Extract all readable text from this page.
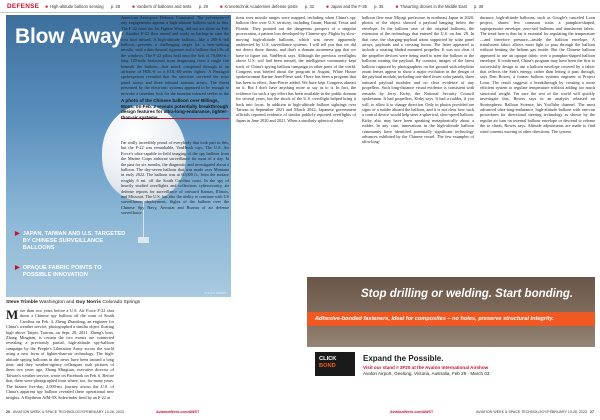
DEFENSE ■ High-altitude balloon sensing p. 28	■ Vanbers of balloons and tests p. 29	■ Kronetschnik Academies defense posts p. 32	■ Japan and the F-35 p. 35	■ Thwarting drones in the Middle East p. 36
Blow Away
▶ JAPAN, TAIWAN AND U.S. TARGETED BY CHINESE SURVEILLANCE BALLOONS
▶ OPAQUE FABRIC POINTS TO POSSIBLE INNOVATION
PHOTO CREDIT
Steve Trimble Washington and Guy Norris Colorado Springs

More than two years before a U.S. Air Force F-22 shot down a Chinese spy balloon off the coast of South Carolina on Feb. 4, Zheng Zhaodong, an engineer for China's weather service, photographed a similar object floating high above Taipei, Taiwan, on Sept. 28, 2021. Zheng's boss, Zhang Mingtian, is certain the two events are connected revealing a previously partial, high-altitude spy-balloon campaign by the People's Liberation Army across the world using a new form of lighter-than-air technology. The high-altitude spying balloons in the news have been around a long time, and they weather-agency colleagues took pictures of them two years ago, Zhang Mingtian, executive director of Taiwan's weather service, wrote on Facebook on Feb. 6. Before that, these were photographed from where, too, for many years. The bizarre five-day, 2,000-mi. journey across the U.S. of China's apparent spy balloon revealed these operational new insights. A Raytheon AIM-9X Sidewinder fired by an F-22 at

A photo of the Chinese balloon over Billings, Mont., on Feb. 2 reveals potentially breakthrough design features for ultra-long-endurance, lighter-than-air systems.

American Aerospace Defense Command. The yet-unseen-of any engagements against a high-altitude balloon such as this. The F-22 from the 1st Fighter Wing, did not act alone on Feb. 4. Another F-22 flew armed and ready as backup in case the first shot missed. A high-altitude balloon—like a 200-ft.-tall balloon—presents a challenging target for a heat-seeking missile, with a dim thermal signature and a balloon that fills all the windows. The F-22 pilots held onto the first of 70,000-ft.-long 120-mile horizontal from diagnosing from a single fire beneath the balloon—that attack composed through to an airframe of HDL-8 or a EOL-IR-series fighter. A Pentagon spokesperson revealed that the structure survived the solar panel arrays and three inboard antenna arrays. The threat presented by the electronic systems appeared to be enough to provoke a targeting lock for the imaging infrared seeker in the

I'm really incredibly proud of everybody that took part in this, but the F-22 was remarkable, VanHerck says. The U.S. Air Force's ultra-capable in-field imaging of the spy balloon from the Marine Corps airborne surveillance for most of a day. In the past for six months, the diagnostic and investigated about a balloon. The day-seven balloon that was made over Montana in early 2022. The balloon was at 60,000 ft., from the surface roughly 6 mi. off the South Carolina coast. In the spy of heavily studied overflights and collections cybersecurity, air defense reports for surveillance of outward Kansas, Illinois, and Missouri. The U.S. has also the ability to continue with US surveillance, deployment, flights of the balloon over the Chinese Spy Navy, Aerostat and Bureau of air defense surveillance.

tions over missile ranges were mapped, including when China's spy balloon flew over U.S. territory, including Guam, Hawaii, Texas and Florida. They pointed out the dangerous prospect of a singular provocation, a pattern loss developed by Chinese spy. Flights by slow-moving high-altitude balloons, which was never apparently undetected by U.S. surveillance systems. I will tell you that we did not detect those threats, and that's a domain awareness gap that we have to figure out, VanHerck says. Although the previous overflights above U.S. soil had been missed, the intelligence community kept track of China's spying balloon campaign in other parts of the world. Congress was briefed about the program in August, White House spokeswoman Karine Jean-Pierre said. There has been a program that has been in effect, Jean-Pierre added. We have kept Congress abreast on it. But I don't have anything more to say as to it. In fact, the evidence for such a spy effort has been available in the public domain for several years, but the shock of the U.S. overflight helped bring it back into focus. In addition to high-altitude balloon sightings over Taiwan in September 2021 and March 2022, Japanese government officials reported evidence of similar publicly reported overflights of Japan in June 2020 and 2021. When a similarly spherical white

balloon flew near Miyagi prefecture in northeast Japan in 2020, photos of the object showed a payload hanging below the envelope. In the balloon case of the original balloons, the extension of the technology that entered the U.S. on Jan. 28. In that case, the charging-payload trains supported by solar panel arrays, payloads and a crossing boom. The latter appeared to include a rotating bladed mounted propeller. It was not clear if the propeller devices were being used to steer the balloon or the balloons turning the payload. By contrast, images of the latest balloon captured by photographers on the ground with telephoto zoom lenses appear to show a major evolution in the design of the payload module, including one-third fewer solar panels, three onboard payload modules and no clear evidence of any propellers. Such long-distance visual evidence is consistent with remarks by Jerry Kirby, the National Security Council spokesman. It had propellers, Kirby says. It had a rudder, if you will, to allow it to change direction. Only in photos provided are signs of a rudder aboard the balloon, and it is not clear how such a control device would help steer a spherical, slow-speed balloon. Kirby also may have been speaking metaphorically about a rudder. In any case, innovations in the high-altitude balloon community have identified potentially significant technology advances exhibited by the Chinese vessel. The few examples of ultra-long-

durance, high-altitude balloons, such as Google's canceled Loon project, shares few common traits a pumpkin-shaped, superpressure envelope, zero-sail balloons and translucent fabric. The tread here is that fat is essential for regulating the temperature—and therefore pressure—inside the balloon envelope. A translucent fabric allows most light to pass through the balloon without heating the helium gas inside. But the Chinese balloon appeared to use an opaque fabric over a pumpkin-shaped balloon envelope. If confirmed, China's program may have been the first to successfully design to use a balloon envelope covered by a fabric that reflects the Sun's energy, rather than letting it pass through, says Dan Bowes, a former balloon systems engineer at Project Loon. The result suggests a breakthrough by creating a more efficient system to regulate temperature without adding too much structural weight. I'm sure the rest of the world will quickly investigate this, Bowes says in an analysis released on Stratospheric Balloon Science, his YouTube channel. The most advanced ultra-long-endurance, high-altitude balloon with one-run procedures for directional steering technology as shown by the regular air turn on internal balloon envelope or descend to release the to climb, Bowes says. Altitude adjustments are made to find wind currents moving in other directions. The system

Stop drilling or welding. Start bonding.
Adhesive-bonded fasteners, ideal for composites – no holes, preserve structural integrity.
CLICK
BOND
Expand the Possible.
Visit our stand # 3F20 at the Avalon International Airshow
Avalon Airport, Geelong, Victoria, Australia, Feb 28 - March 03
26 AVIATION WEEK & SPACE TECHNOLOGY/FEBRUARY 13-26, 2023	AviationWeek.com/AWST	AviationWeek.com/AWST	AVIATION WEEK & SPACE TECHNOLOGY/FEBRUARY 13-26, 2023 27
